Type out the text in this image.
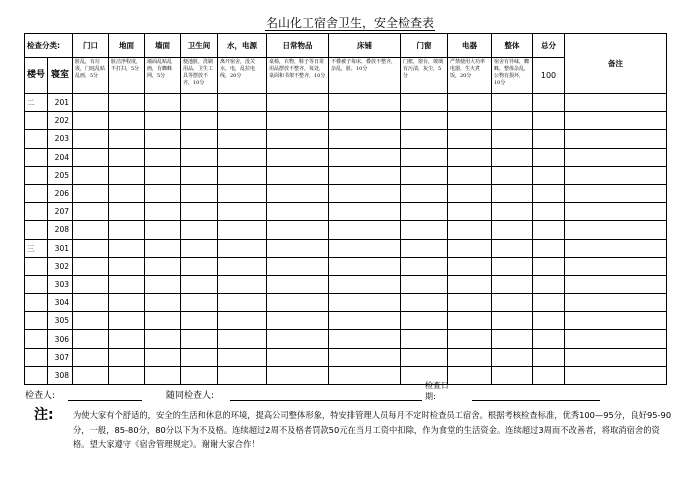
名山化工宿舍卫生，安全检查表
检查分类:		门口	地面	墙面	卫生间	水，电源	日常物品	床铺	门窗	电器	整体	总分	备注
楼号	寝室	脏乱，有垃圾，门庭乱贴乱画，5分	脏洁净程度，不打扫，5分	墙面乱贴乱画，有蜘蛛网，5分	便池脏，洗刷用品，卫生工具等摆放不齐，10分	离开宿舍，没关水，电，乱拉电线，20分	桌椅，衣物，鞋子等日常用品摆放不整齐，每处，桌面和书架不整齐，10分	不叠被子每床，叠放不整齐，杂乱，脏，10分	门框，窗台，玻璃有污渍，灰尘，5分	严禁使用大功率电器，生火煮饭，20分	宿舍有异味，蜘蛛，整体杂乱，公物有损坏，10分	100	
二	201												
	202												
	203												
	204												
	205												
	206												
	207												
	208												
三	301												
	302												
	303												
	304												
	305												
	306												
	307												
	308												
检查人:	随同检查人:
检查日
期:
注: 为使大家有个舒适的，安全的生活和休息的环境，提高公司整体形象，特安排管理人员每月不定时检查员工宿舍。根据考核检查标准，优秀100—95分，良好95-90分，一般，85-80分，80分以下为不及格。连续超过2周不及格者罚款50元在当月工资中扣除，作为食堂的生活资金。连续超过3周而不改善者，将取消宿舍的资格。望大家遵守《宿舍管理规定》。谢谢大家合作！
